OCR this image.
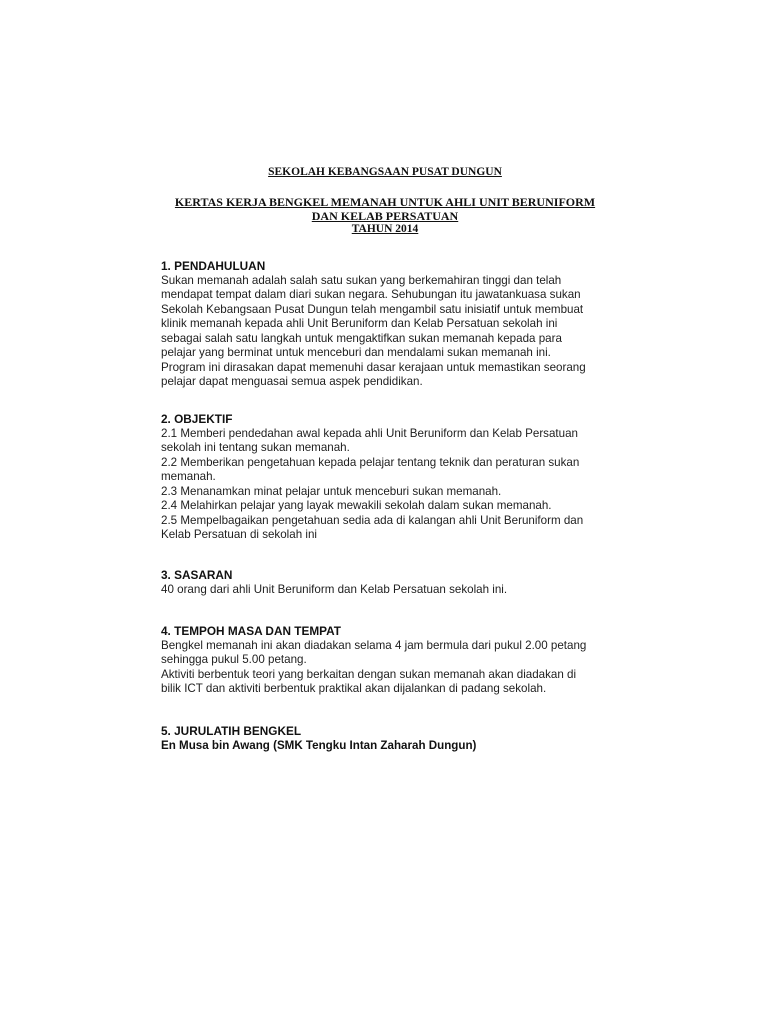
SEKOLAH KEBANGSAAN PUSAT DUNGUN
KERTAS KERJA BENGKEL MEMANAH UNTUK AHLI UNIT BERUNIFORM
DAN KELAB PERSATUAN
TAHUN 2014
1. PENDAHULUAN

Sukan memanah adalah salah satu sukan yang berkemahiran tinggi dan telah

mendapat tempat dalam diari sukan negara. Sehubungan itu jawatankuasa sukan

Sekolah Kebangsaan Pusat Dungun telah mengambil satu inisiatif untuk membuat

klinik memanah kepada ahli Unit Beruniform dan Kelab Persatuan sekolah ini

sebagai salah satu langkah untuk mengaktifkan sukan memanah kepada para

pelajar yang berminat untuk menceburi dan mendalami sukan memanah ini.

Program ini dirasakan dapat memenuhi dasar kerajaan untuk memastikan seorang

pelajar dapat menguasai semua aspek pendidikan.

2. OBJEKTIF

2.1 Memberi pendedahan awal kepada ahli Unit Beruniform dan Kelab Persatuan

sekolah ini tentang sukan memanah.

2.2 Memberikan pengetahuan kepada pelajar tentang teknik dan peraturan sukan

memanah.

2.3 Menanamkan minat pelajar untuk menceburi sukan memanah.

2.4 Melahirkan pelajar yang layak mewakili sekolah dalam sukan memanah.

2.5 Mempelbagaikan pengetahuan sedia ada di kalangan ahli Unit Beruniform dan

Kelab Persatuan di sekolah ini

3. SASARAN

40 orang dari ahli Unit Beruniform dan Kelab Persatuan sekolah ini.

4. TEMPOH MASA DAN TEMPAT

Bengkel memanah ini akan diadakan selama 4 jam bermula dari pukul 2.00 petang

sehingga pukul 5.00 petang.

Aktiviti berbentuk teori yang berkaitan dengan sukan memanah akan diadakan di

bilik ICT dan aktiviti berbentuk praktikal akan dijalankan di padang sekolah.

5. JURULATIH BENGKEL

En Musa bin Awang (SMK Tengku Intan Zaharah Dungun)
